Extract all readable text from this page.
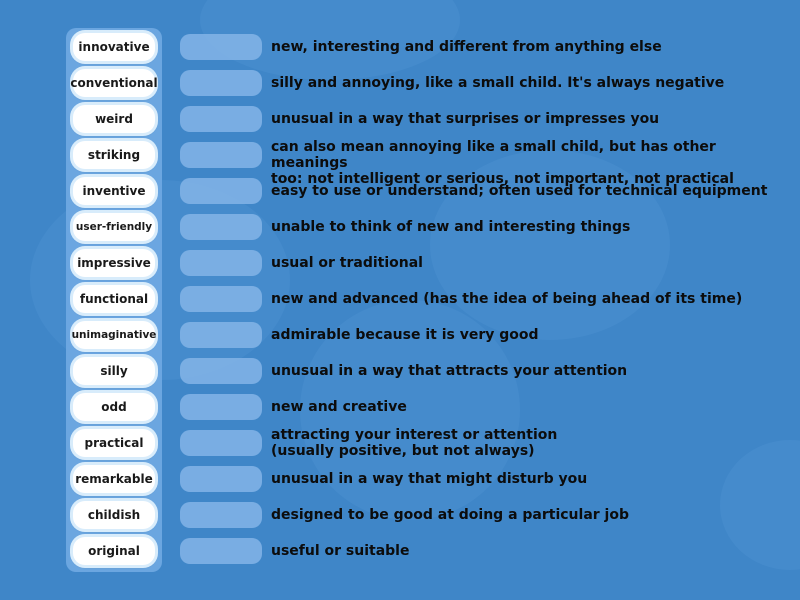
innovative
conventional
weird
striking
inventive
user-friendly
impressive
functional
unimaginative
silly
odd
practical
remarkable
childish
original
new, interesting and different from anything else
silly and annoying, like a small child. It's always negative
unusual in a way that surprises or impresses you
can also mean annoying like a small child, but has other meanings
too: not intelligent or serious, not important, not practical
easy to use or understand; often used for technical equipment
unable to think of new and interesting things
usual or traditional
new and advanced (has the idea of being ahead of its time)
admirable because it is very good
unusual in a way that attracts your attention
new and creative
attracting your interest or attention
(usually positive, but not always)
unusual in a way that might disturb you
designed to be good at doing a particular job
useful or suitable
